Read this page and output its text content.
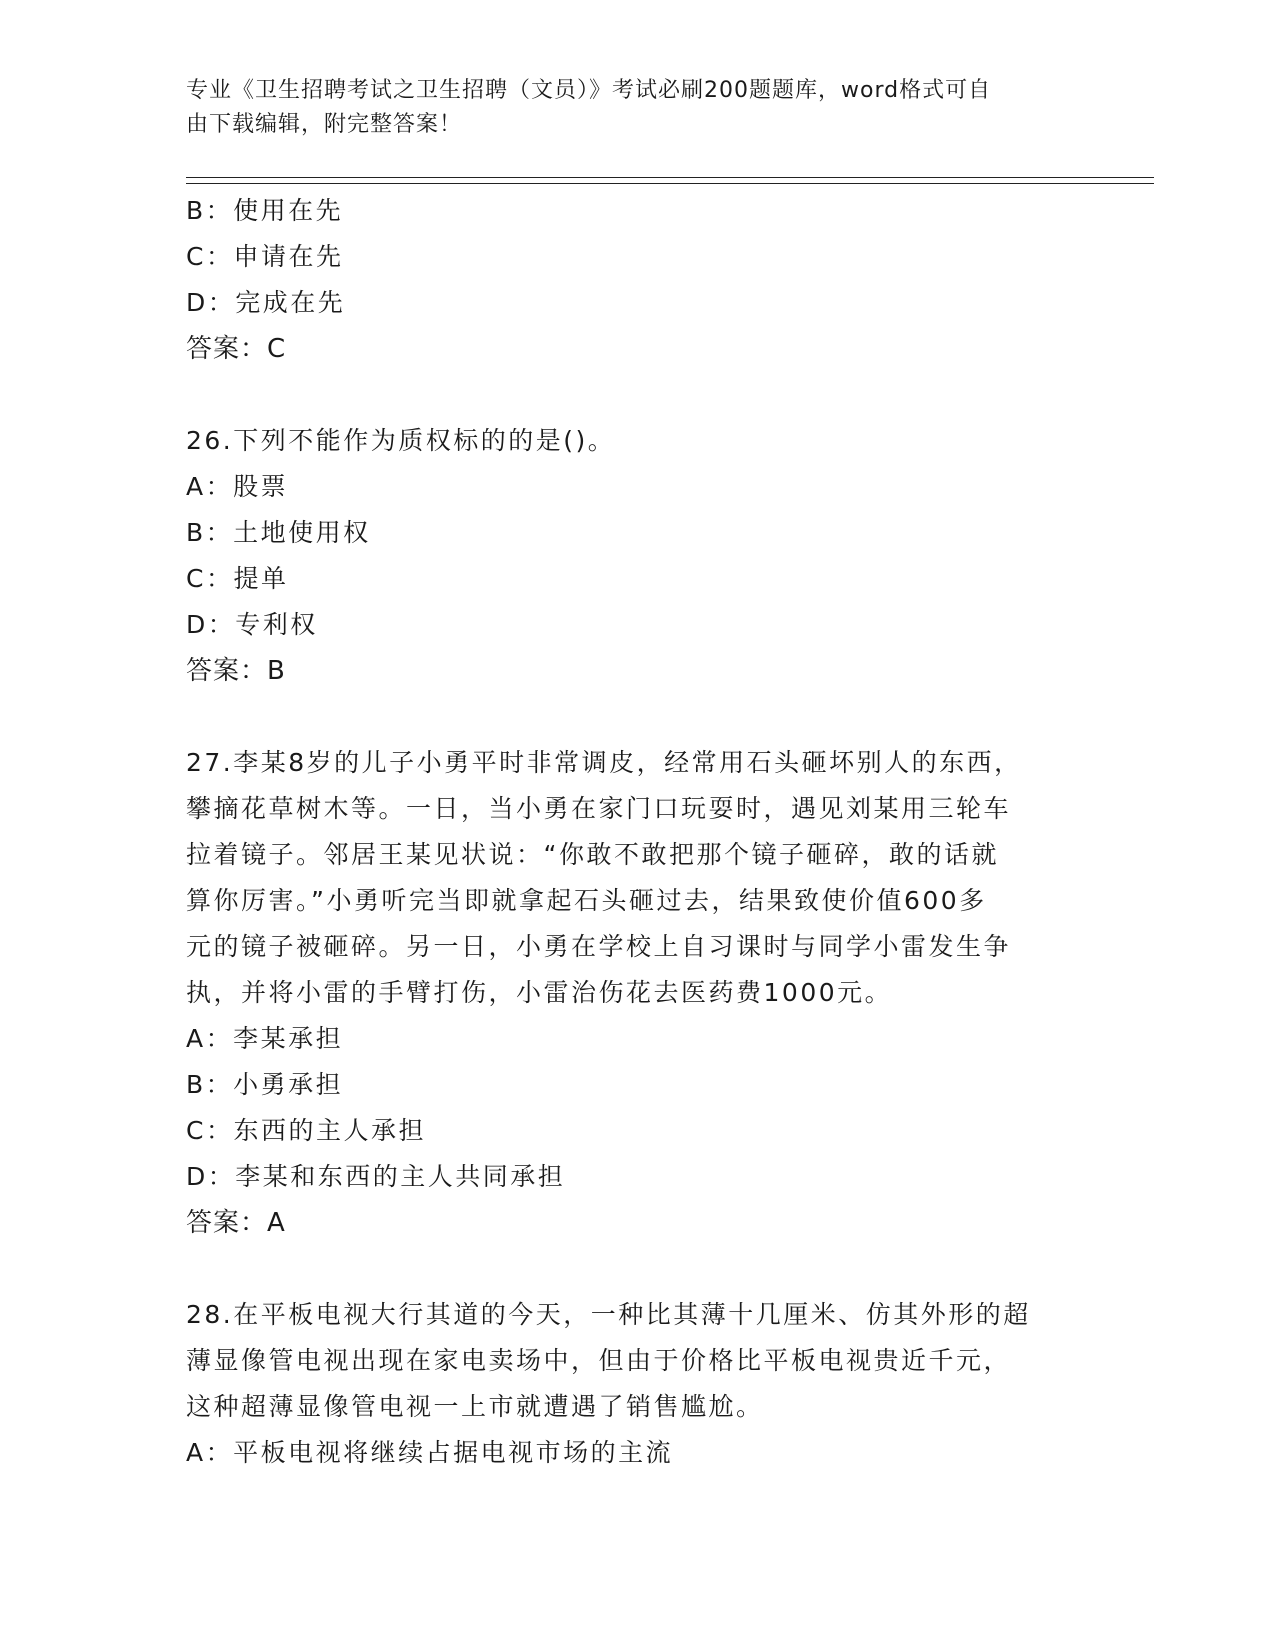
专业《卫生招聘考试之卫生招聘（文员）》考试必刷200题题库，word格式可自
由下载编辑，附完整答案！
B：使用在先
C：申请在先
D：完成在先
答案：C
26.下列不能作为质权标的的是()。
A：股票
B：土地使用权
C：提单
D：专利权
答案：B
27.李某8岁的儿子小勇平时非常调皮，经常用石头砸坏别人的东西，
攀摘花草树木等。一日，当小勇在家门口玩耍时，遇见刘某用三轮车
拉着镜子。邻居王某见状说：“你敢不敢把那个镜子砸碎，敢的话就
算你厉害。”小勇听完当即就拿起石头砸过去，结果致使价值600多
元的镜子被砸碎。另一日，小勇在学校上自习课时与同学小雷发生争
执，并将小雷的手臂打伤，小雷治伤花去医药费1000元。
A：李某承担
B：小勇承担
C：东西的主人承担
D：李某和东西的主人共同承担
答案：A
28.在平板电视大行其道的今天，一种比其薄十几厘米、仿其外形的超
薄显像管电视出现在家电卖场中，但由于价格比平板电视贵近千元，
这种超薄显像管电视一上市就遭遇了销售尴尬。
A：平板电视将继续占据电视市场的主流
